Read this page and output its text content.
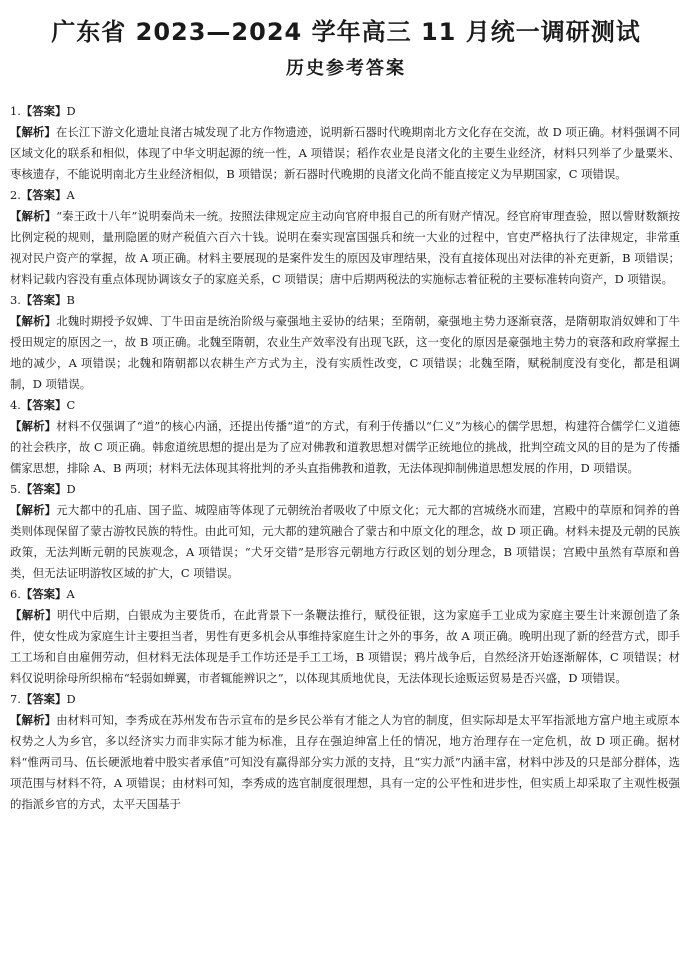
广东省 2023—2024 学年高三 11 月统一调研测试
历史参考答案

1.【答案】D

【解析】在长江下游文化遗址良渚古城发现了北方作物遗迹，说明新石器时代晚期南北方文化存在交流，故 D 项正确。材料强调不同区域文化的联系和相似，体现了中华文明起源的统一性，A 项错误；稻作农业是良渚文化的主要生业经济，材料只列举了少量粟米、枣核遗存，不能说明南北方生业经济相似，B 项错误；新石器时代晚期的良渚文化尚不能直接定义为早期国家，C 项错误。

2.【答案】A

【解析】“秦王政十八年”说明秦尚未一统。按照法律规定应主动向官府申报自己的所有财产情况。经官府审理查验，照以訾财数额按比例定税的规则，量刑隐匿的财产税值六百六十钱。说明在秦实现富国强兵和统一大业的过程中，官吏严格执行了法律规定，非常重视对民户资产的掌握，故 A 项正确。材料主要展现的是案件发生的原因及审理结果，没有直接体现出对法律的补充更新，B 项错误；材料记载内容没有重点体现协调该女子的家庭关系，C 项错误；唐中后期两税法的实施标志着征税的主要标准转向资产，D 项错误。

3.【答案】B

【解析】北魏时期授予奴婢、丁牛田亩是统治阶级与豪强地主妥协的结果；至隋朝，豪强地主势力逐渐衰落，是隋朝取消奴婢和丁牛授田规定的原因之一，故 B 项正确。北魏至隋朝，农业生产效率没有出现飞跃，这一变化的原因是豪强地主势力的衰落和政府掌握土地的减少，A 项错误；北魏和隋朝都以农耕生产方式为主，没有实质性改变，C 项错误；北魏至隋，赋税制度没有变化，都是租调制，D 项错误。

4.【答案】C

【解析】材料不仅强调了“道”的核心内涵，还提出传播“道”的方式，有利于传播以“仁义”为核心的儒学思想，构建符合儒学仁义道德的社会秩序，故 C 项正确。韩愈道统思想的提出是为了应对佛教和道教思想对儒学正统地位的挑战，批判空疏文风的目的是为了传播儒家思想，排除 A、B 两项；材料无法体现其将批判的矛头直指佛教和道教，无法体现抑制佛道思想发展的作用，D 项错误。

5.【答案】D

【解析】元大都中的孔庙、国子监、城隍庙等体现了元朝统治者吸收了中原文化；元大都的宫城绕水而建，宫殿中的草原和饲养的兽类则体现保留了蒙古游牧民族的特性。由此可知，元大都的建筑融合了蒙古和中原文化的理念，故 D 项正确。材料未提及元朝的民族政策，无法判断元朝的民族观念，A 项错误；“犬牙交错”是形容元朝地方行政区划的划分理念，B 项错误；宫殿中虽然有草原和兽类，但无法证明游牧区域的扩大，C 项错误。

6.【答案】A

【解析】明代中后期，白银成为主要货币，在此背景下一条鞭法推行，赋役征银，这为家庭手工业成为家庭主要生计来源创造了条件，使女性成为家庭生计主要担当者，男性有更多机会从事维持家庭生计之外的事务，故 A 项正确。晚明出现了新的经营方式，即手工工场和自由雇佣劳动，但材料无法体现是手工作坊还是手工工场，B 项错误；鸦片战争后，自然经济开始逐渐解体，C 项错误；材料仅说明徐母所织棉布“轻弱如蝉翼，市者辄能辨识之”，以体现其质地优良，无法体现长途贩运贸易是否兴盛，D 项错误。

7.【答案】D

【解析】由材料可知，李秀成在苏州发布告示宣布的是乡民公举有才能之人为官的制度，但实际却是太平军指派地方富户地主或原本权势之人为乡官，多以经济实力而非实际才能为标准，且存在强迫绅富上任的情况，地方治理存在一定危机，故 D 项正确。据材料“惟两司马、伍长硬派地着中股实者承值”可知没有赢得部分实力派的支持，且“实力派”内涵丰富，材料中涉及的只是部分群体，选项范围与材料不符，A 项错误；由材料可知，李秀成的选官制度很理想，具有一定的公平性和进步性，但实质上却采取了主观性极强的指派乡官的方式，太平天国基于
